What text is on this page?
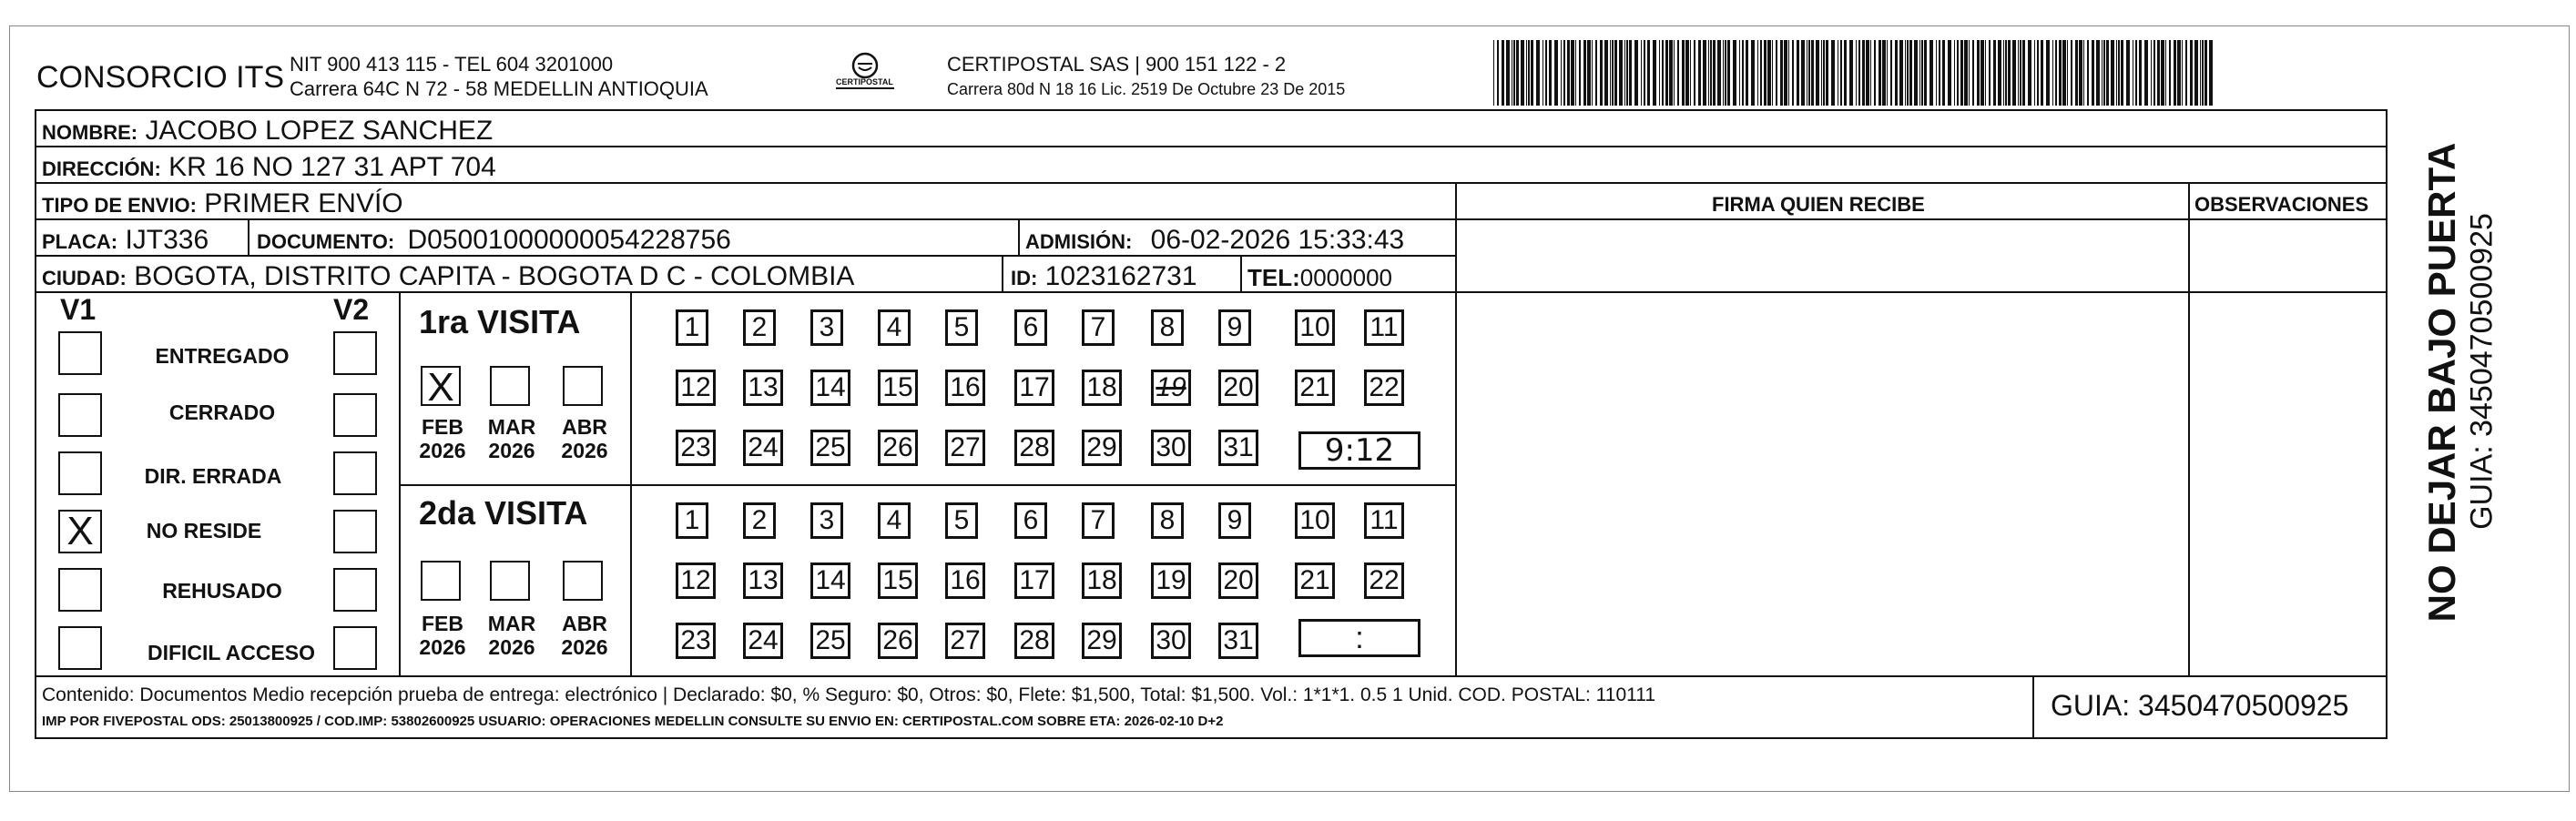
CONSORCIO ITS NIT 900 413 115 - TEL 604 3201000
Carrera 64C N 72 - 58 MEDELLIN ANTIOQUIA	CERTIPOSTAL
CERTIPOSTAL SAS | 900 151 122 - 2
Carrera 80d N 18 16 Lic. 2519 De Octubre 23 De 2015
FIRMA QUIEN RECIBE	OBSERVACIONES
NOMBRE: JACOBO LOPEZ SANCHEZ
DIRECCIÓN: KR 16 NO 127 31 APT 704
TIPO DE ENVIO: PRIMER ENVÍO
PLACA: IJT336 DOCUMENTO: D05001000000054228756	ADMISIÓN: 06-02-2026 15:33:43
CIUDAD: BOGOTA, DISTRITO CAPITA - BOGOTA D C - COLOMBIA	ID: 1023162731 TEL:0000000
V1	V2
ENTREGADO
CERRADO
DIR. ERRADA
X	NO RESIDE
REHUSADO
DIFICIL ACCESO
1ra VISITA
X
FEB
2026
MAR
2026
ABR
2026
1	2	3	4	5	6	7	8	9	10 11
12 13 14 15 16 17 18 19 20 21 22
23 24 25 26 27 28 29 30 31	9:12
2da VISITA
FEB
2026
MAR
2026
ABR
2026
1	2	3	4	5	6	7	8	9	10 11
12 13 14 15 16 17 18 19 20 21 22
23 24 25 26 27 28 29 30 31	:
Contenido: Documentos Medio recepción prueba de entrega: electrónico | Declarado: $0, % Seguro: $0, Otros: $0, Flete: $1,500, Total: $1,500. Vol.: 1*1*1. 0.5 1 Unid. COD. POSTAL: 110111
IMP POR FIVEPOSTAL ODS: 25013800925 / COD.IMP: 53802600925 USUARIO: OPERACIONES MEDELLIN CONSULTE SU ENVIO EN: CERTIPOSTAL.COM SOBRE ETA: 2026-02-10 D+2	GUIA: 3450470500925
NO DEJAR BAJO PUERTA GUIA: 3450470500925
